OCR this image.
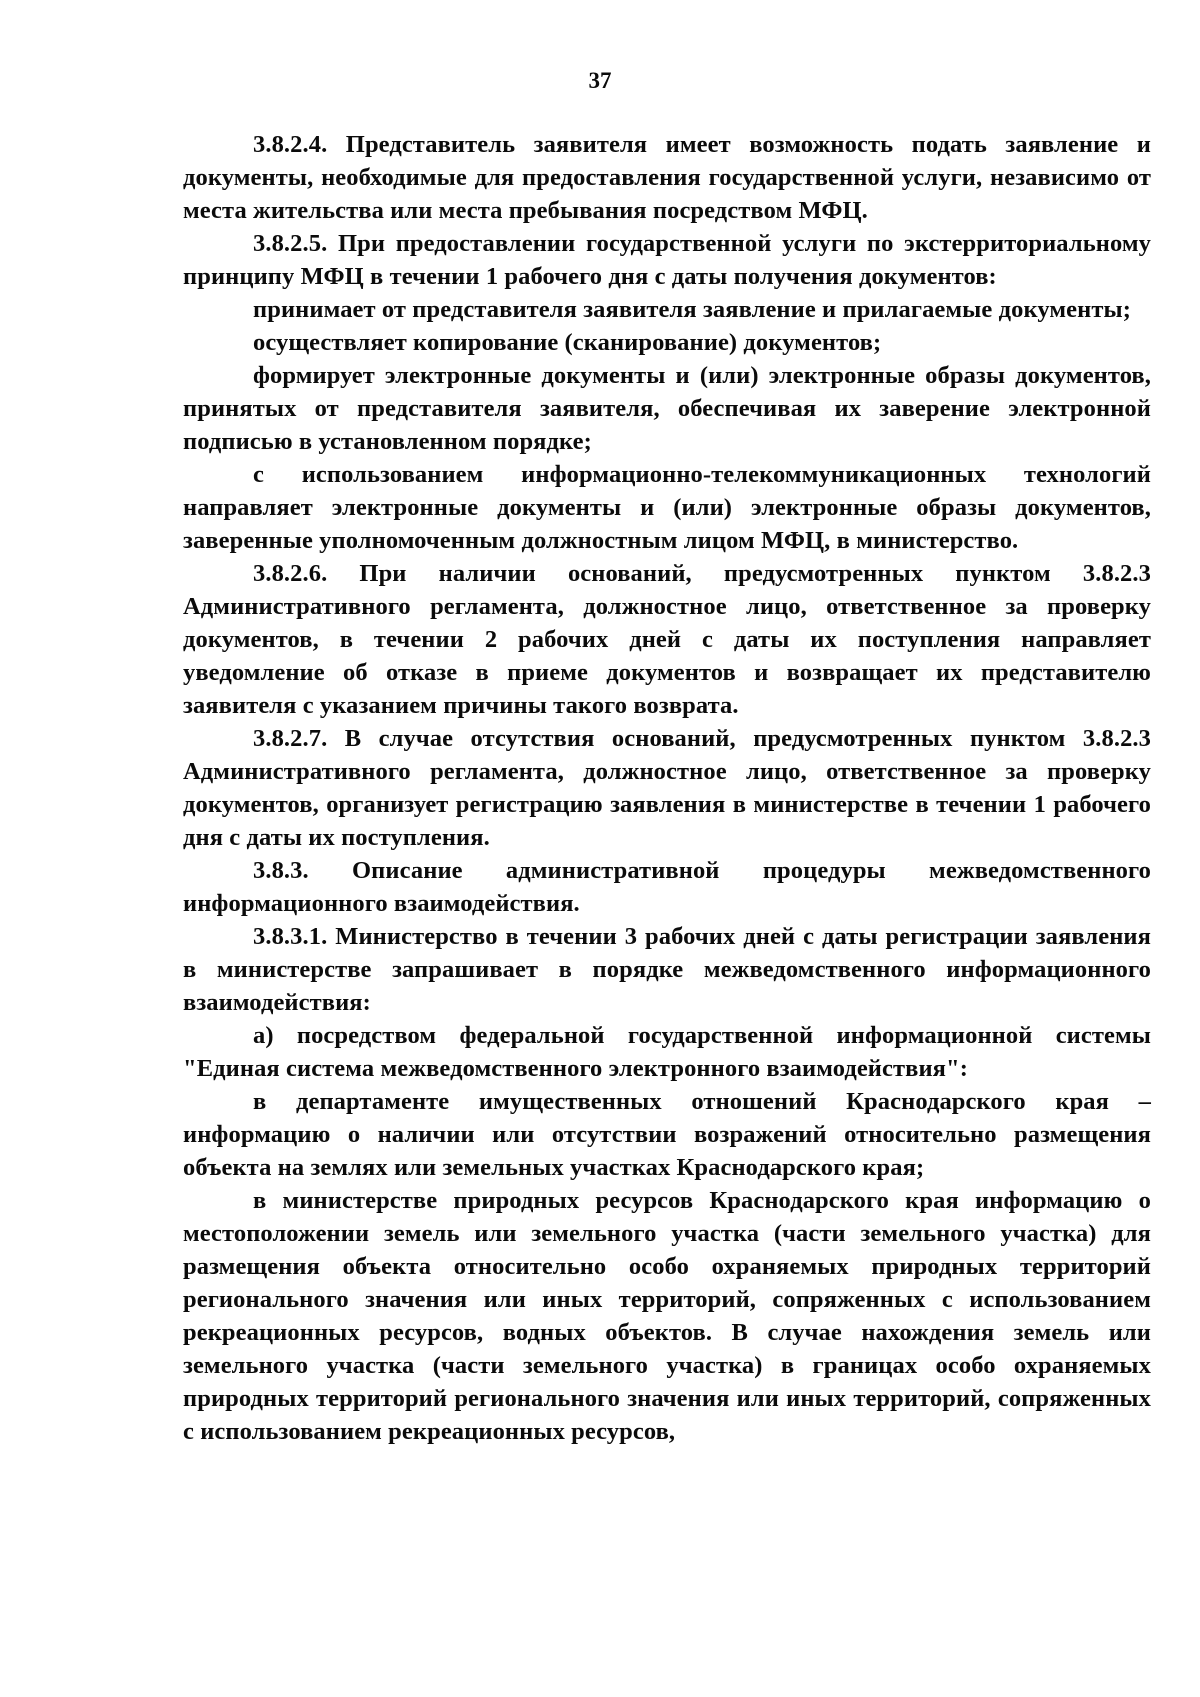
37

3.8.2.4. Представитель заявителя имеет возможность подать заявление и документы, необходимые для предоставления государственной услуги, независимо от места жительства или места пребывания посредством МФЦ.

3.8.2.5. При предоставлении государственной услуги по экстерриториальному принципу МФЦ в течении 1 рабочего дня с даты получения документов:

принимает от представителя заявителя заявление и прилагаемые документы;

осуществляет копирование (сканирование) документов;

формирует электронные документы и (или) электронные образы документов, принятых от представителя заявителя, обеспечивая их заверение электронной подписью в установленном порядке;

с использованием информационно-телекоммуникационных технологий направляет электронные документы и (или) электронные образы документов, заверенные уполномоченным должностным лицом МФЦ, в министерство.

3.8.2.6. При наличии оснований, предусмотренных пунктом 3.8.2.3 Административного регламента, должностное лицо, ответственное за проверку документов, в течении 2 рабочих дней с даты их поступления направляет уведомление об отказе в приеме документов и возвращает их представителю заявителя с указанием причины такого возврата.

3.8.2.7. В случае отсутствия оснований, предусмотренных пунктом 3.8.2.3 Административного регламента, должностное лицо, ответственное за проверку документов, организует регистрацию заявления в министерстве в течении 1 рабочего дня с даты их поступления.

3.8.3. Описание административной процедуры межведомственного информационного взаимодействия.

3.8.3.1. Министерство в течении 3 рабочих дней с даты регистрации заявления в министерстве запрашивает в порядке межведомственного информационного взаимодействия:

а) посредством федеральной государственной информационной системы "Единая система межведомственного электронного взаимодействия":

в департаменте имущественных отношений Краснодарского края – информацию о наличии или отсутствии возражений относительно размещения объекта на землях или земельных участках Краснодарского края;

в министерстве природных ресурсов Краснодарского края информацию о местоположении земель или земельного участка (части земельного участка) для размещения объекта относительно особо охраняемых природных территорий регионального значения или иных территорий, сопряженных с использованием рекреационных ресурсов, водных объектов. В случае нахождения земель или земельного участка (части земельного участка) в границах особо охраняемых природных территорий регионального значения или иных территорий, сопряженных с использованием рекреационных ресурсов,
